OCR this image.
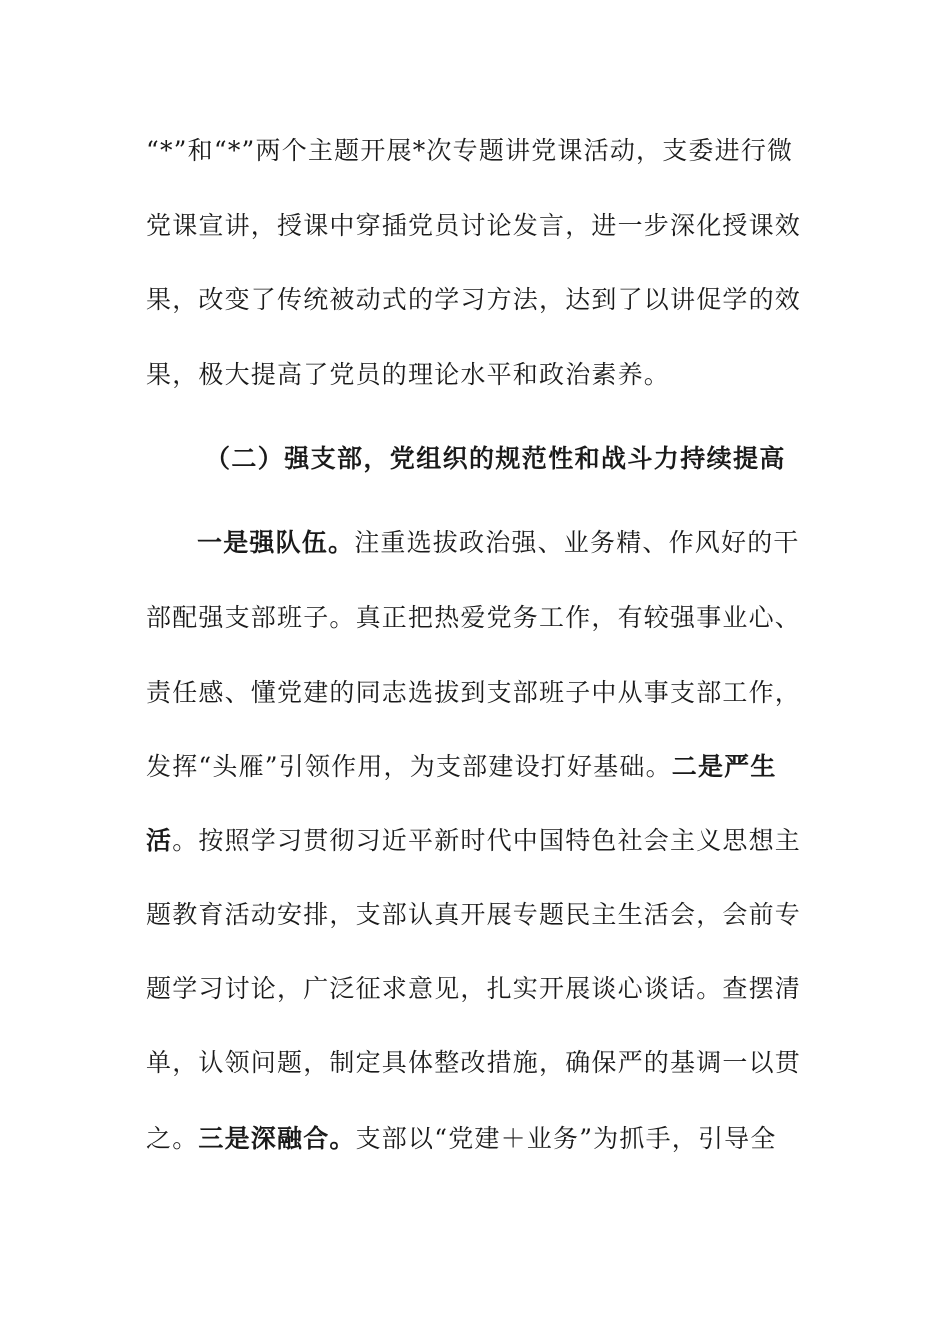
“*”和“*”两个主题开展*次专题讲党课活动，支委进行微
党课宣讲，授课中穿插党员讨论发言，进一步深化授课效
果，改变了传统被动式的学习方法，达到了以讲促学的效
果，极大提高了党员的理论水平和政治素养。
（二）强支部，党组织的规范性和战斗力持续提高
一是强队伍。注重选拔政治强、业务精、作风好的干
部配强支部班子。真正把热爱党务工作，有较强事业心、
责任感、懂党建的同志选拔到支部班子中从事支部工作，
发挥“头雁”引领作用，为支部建设打好基础。二是严生
活。按照学习贯彻习近平新时代中国特色社会主义思想主
题教育活动安排，支部认真开展专题民主生活会，会前专
题学习讨论，广泛征求意见，扎实开展谈心谈话。查摆清
单，认领问题，制定具体整改措施，确保严的基调一以贯
之。三是深融合。支部以“党建＋业务”为抓手，引导全
